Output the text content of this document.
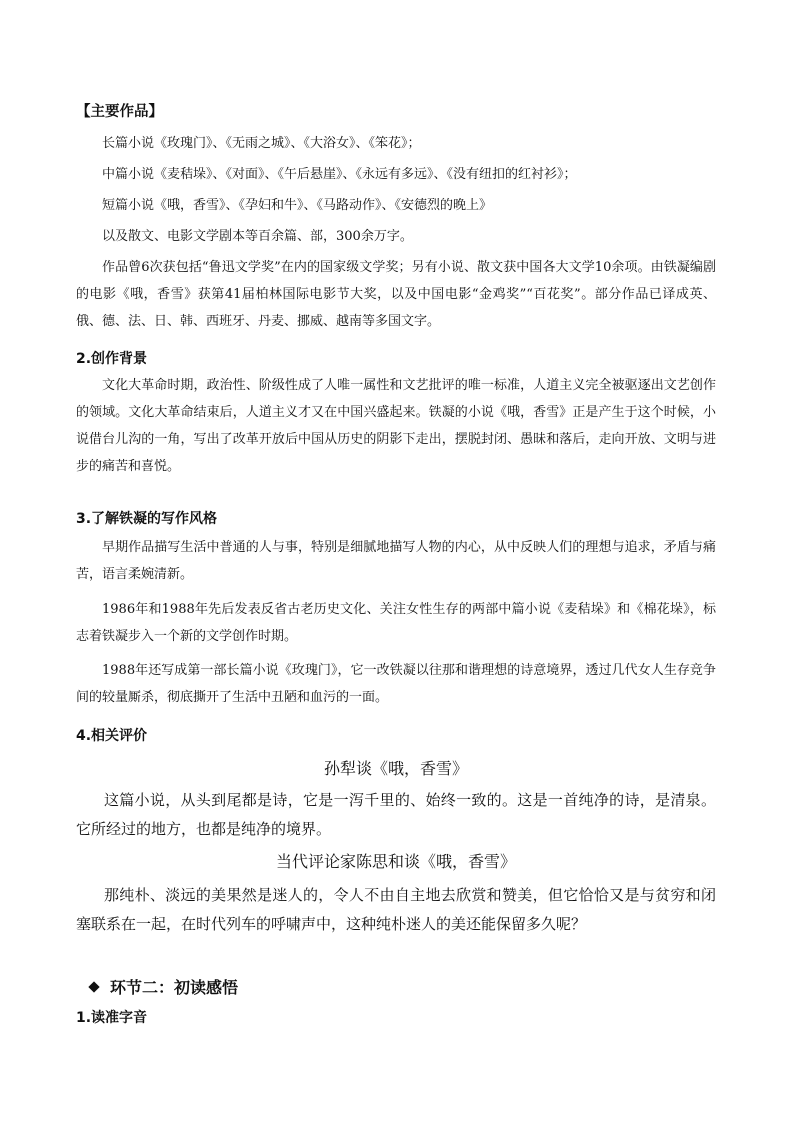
【主要作品】

长篇小说《玫瑰门》、《无雨之城》、《大浴女》、《笨花》；

中篇小说《麦秸垛》、《对面》、《午后悬崖》、《永远有多远》、《没有纽扣的红衬衫》；

短篇小说《哦，香雪》、《孕妇和牛》、《马路动作》、《安德烈的晚上》

以及散文、电影文学剧本等百余篇、部，300余万字。

作品曾6次获包括“鲁迅文学奖”在内的国家级文学奖；另有小说、散文获中国各大文学10余项。由铁凝编剧的电影《哦，香雪》获第41届柏林国际电影节大奖，以及中国电影“金鸡奖”“百花奖”。部分作品已译成英、俄、德、法、日、韩、西班牙、丹麦、挪威、越南等多国文字。

2.创作背景

文化大革命时期，政治性、阶级性成了人唯一属性和文艺批评的唯一标准，人道主义完全被驱逐出文艺创作的领域。文化大革命结束后，人道主义才又在中国兴盛起来。铁凝的小说《哦，香雪》正是产生于这个时候，小说借台儿沟的一角，写出了改革开放后中国从历史的阴影下走出，摆脱封闭、愚昧和落后，走向开放、文明与进步的痛苦和喜悦。

3.了解铁凝的写作风格

早期作品描写生活中普通的人与事，特别是细腻地描写人物的内心，从中反映人们的理想与追求，矛盾与痛苦，语言柔婉清新。

1986年和1988年先后发表反省古老历史文化、关注女性生存的两部中篇小说《麦秸垛》和《棉花垛》，标志着铁凝步入一个新的文学创作时期。

1988年还写成第一部长篇小说《玫瑰门》，它一改铁凝以往那和谐理想的诗意境界，透过几代女人生存竞争间的较量厮杀，彻底撕开了生活中丑陋和血污的一面。

4.相关评价
孙犁谈《哦，香雪》

这篇小说，从头到尾都是诗，它是一泻千里的、始终一致的。这是一首纯净的诗，是清泉。它所经过的地方，也都是纯净的境界。

当代评论家陈思和谈《哦，香雪》

那纯朴、淡远的美果然是迷人的，令人不由自主地去欣赏和赞美，但它恰恰又是与贫穷和闭塞联系在一起，在时代列车的呼啸声中，这种纯朴迷人的美还能保留多久呢？

环节二：初读感悟
1.读准字音
